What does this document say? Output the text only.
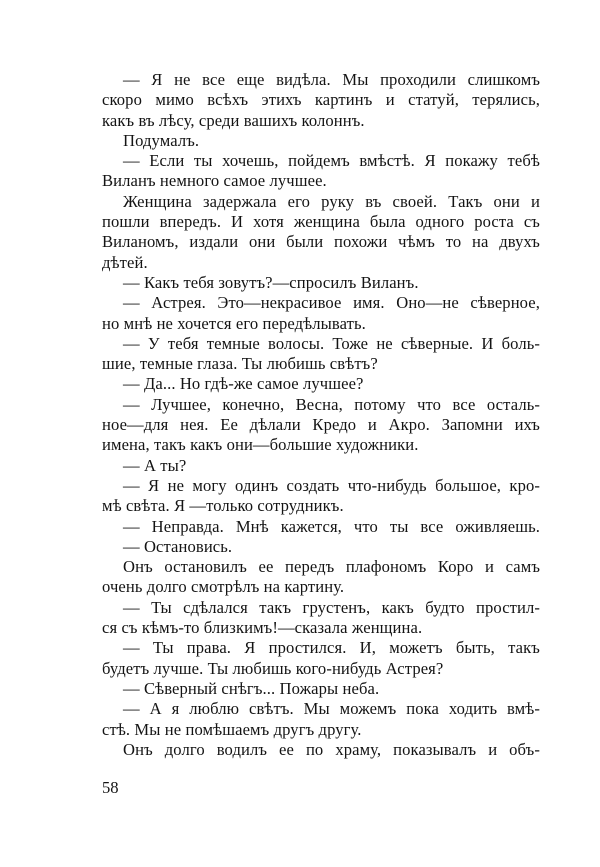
— Я не все еще видѣла. Мы проходили слишкомъ
скоро мимо всѣхъ этихъ картинъ и статуй, терялись,
какъ въ лѣсу, среди вашихъ колоннъ.
Подумалъ.
— Если ты хочешь, пойдемъ вмѣстѣ. Я покажу тебѣ
Виланъ немного самое лучшее.
Женщина задержала его руку въ своей. Такъ они и
пошли впередъ. И хотя женщина была одного роста съ
Виланомъ, издали они были похожи чѣмъ то на двухъ
дѣтей.
— Какъ тебя зовутъ?—спросилъ Виланъ.
— Астрея. Это—некрасивое имя. Оно—не сѣверное,
но мнѣ не хочется его передѣлывать.
— У тебя темные волосы. Тоже не сѣверные. И боль-
шие, темные глаза. Ты любишь свѣтъ?
— Да... Но гдѣ-же самое лучшее?
— Лучшее, конечно, Весна, потому что все осталь-
ное—для нея. Ее дѣлали Кредо и Акро. Запомни ихъ
имена, такъ какъ они—большие художники.
— А ты?
— Я не могу одинъ создать что-нибудь большое, кро-
мѣ свѣта. Я —только сотрудникъ.
— Неправда. Мнѣ кажется, что ты все оживляешь.
— Остановись.
Онъ остановилъ ее передъ плафономъ Коро и самъ
очень долго смотрѣлъ на картину.
— Ты сдѣлался такъ грустенъ, какъ будто простил-
ся съ кѣмъ-то близкимъ!—сказала женщина.
— Ты права. Я простился. И, можетъ быть, такъ
будетъ лучше. Ты любишь кого-нибудь Астрея?
— Сѣверный снѣгъ... Пожары неба.
— А я люблю свѣтъ. Мы можемъ пока ходить вмѣ-
стѣ. Мы не помѣшаемъ другъ другу.
Онъ долго водилъ ее по храму, показывалъ и объ-
58
